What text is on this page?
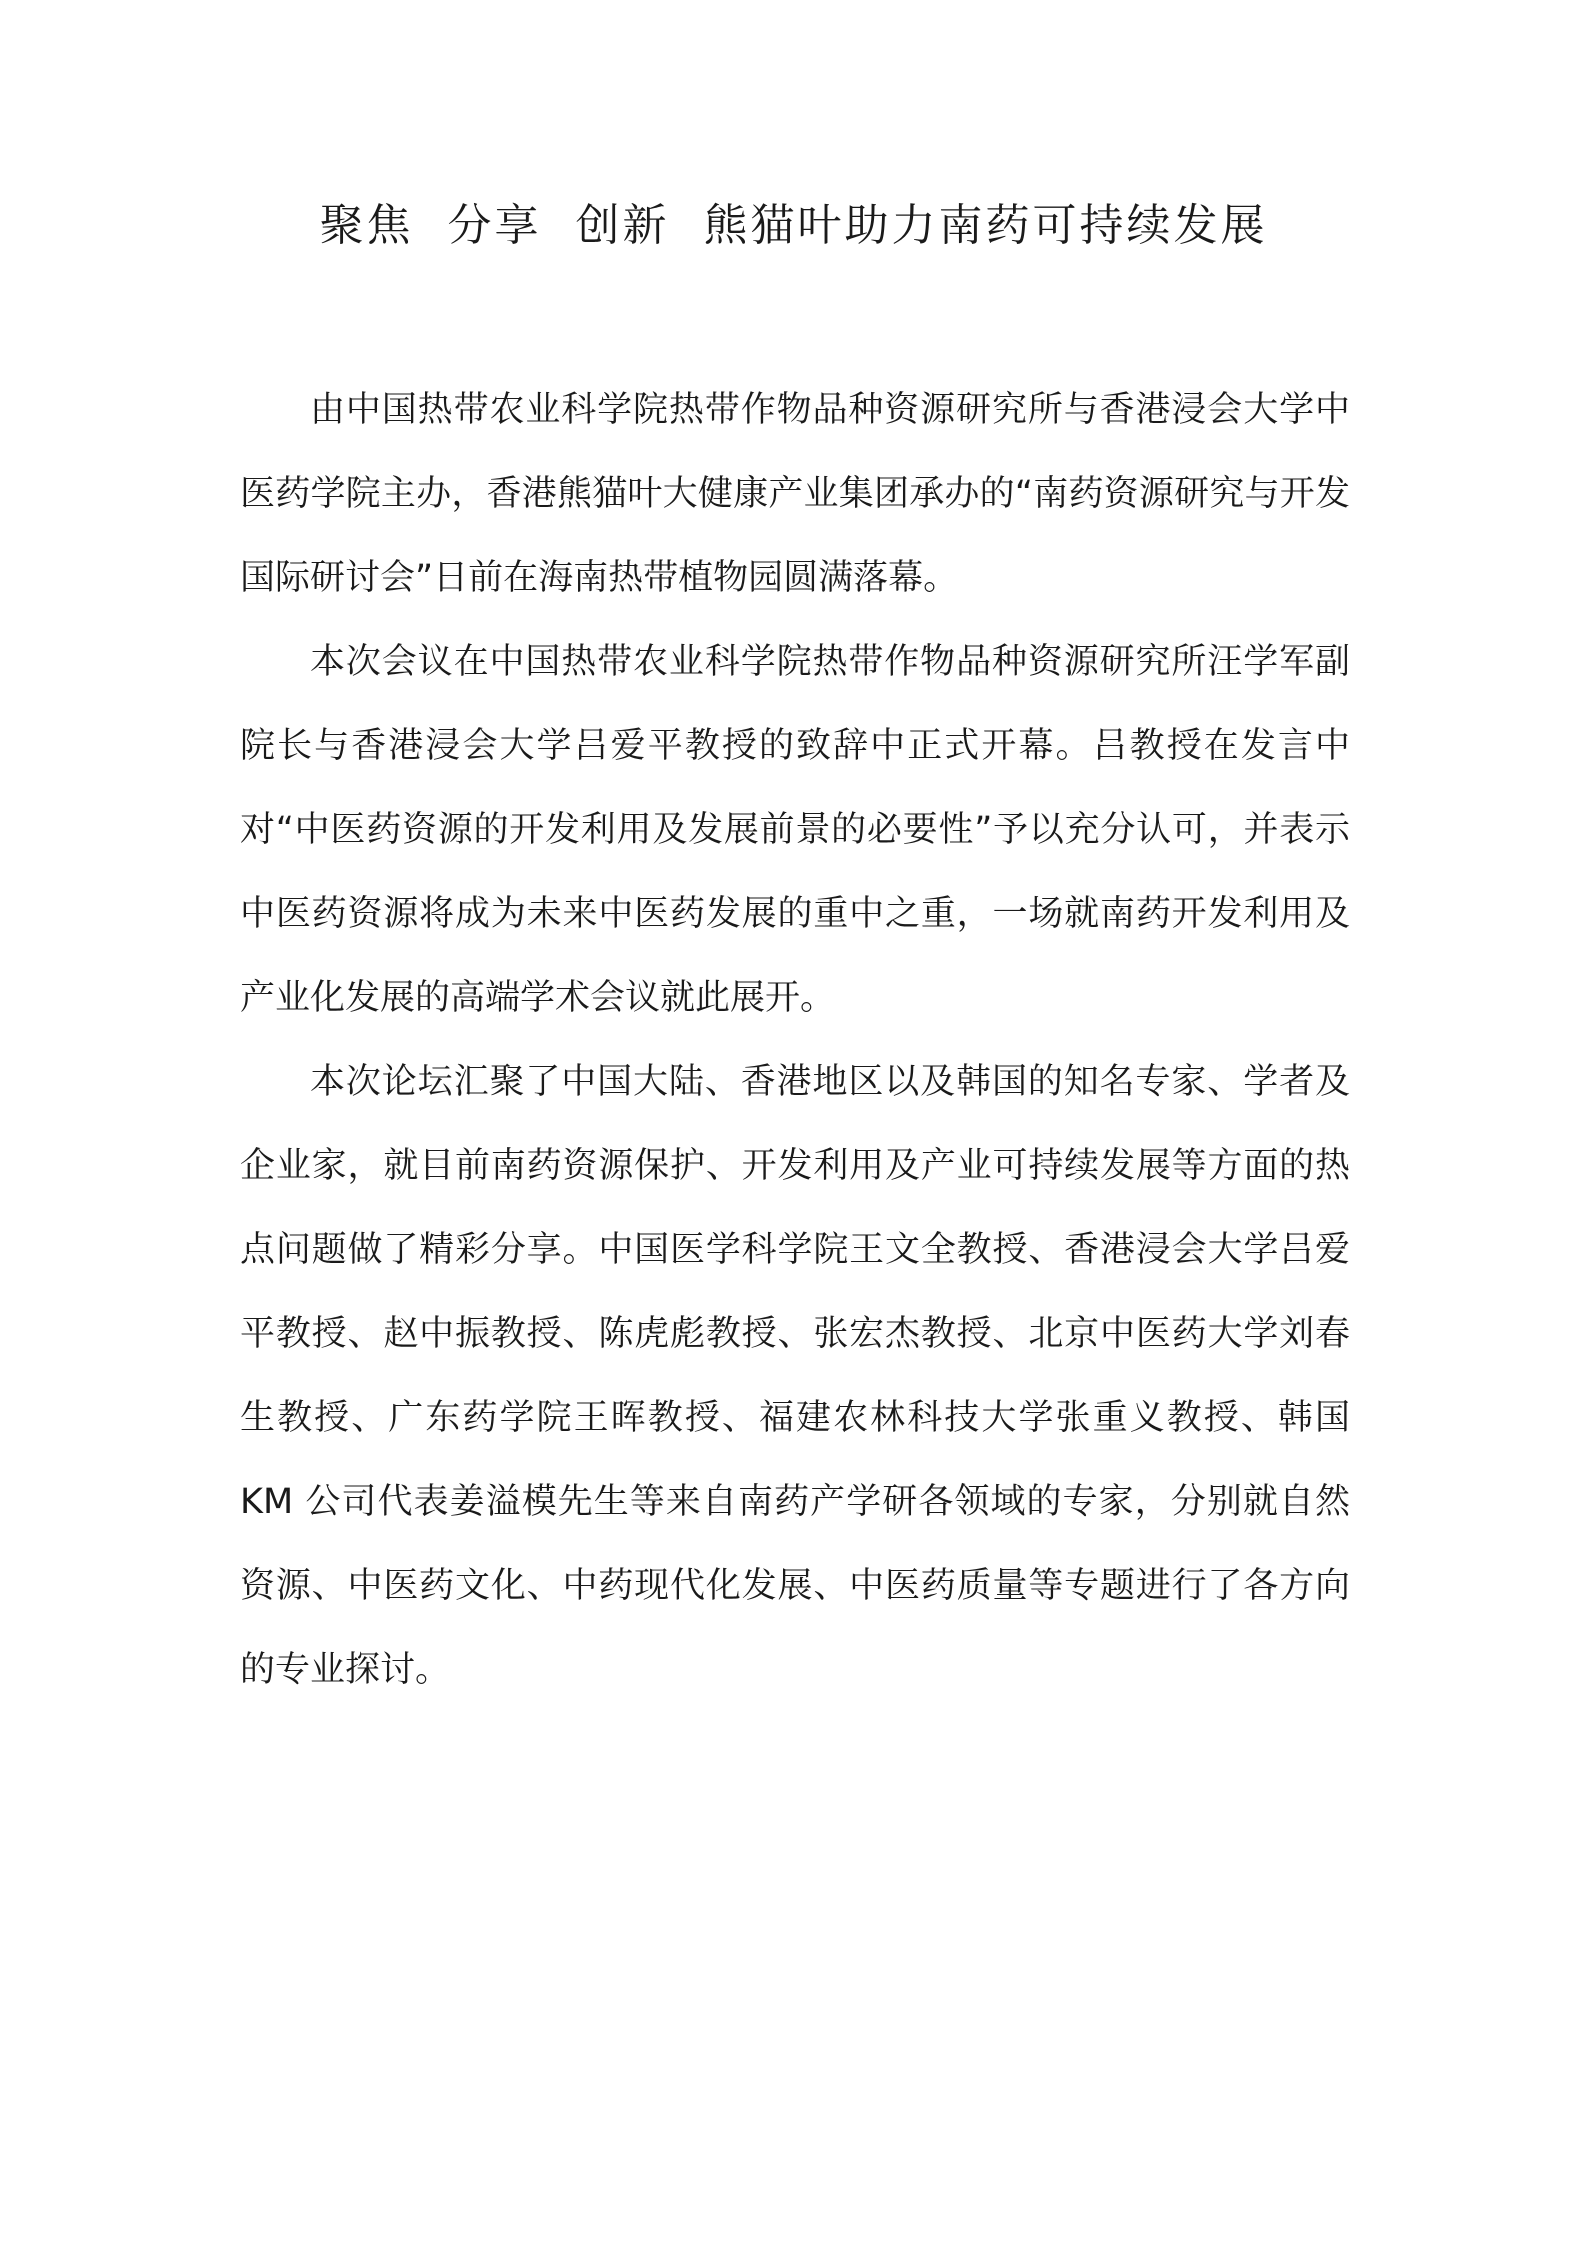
聚焦  分享  创新  熊猫叶助力南药可持续发展

由中国热带农业科学院热带作物品种资源研究所与香港浸会大学中医药学院主办，香港熊猫叶大健康产业集团承办的“南药资源研究与开发国际研讨会”日前在海南热带植物园圆满落幕。

本次会议在中国热带农业科学院热带作物品种资源研究所汪学军副院长与香港浸会大学吕爱平教授的致辞中正式开幕。吕教授在发言中对“中医药资源的开发利用及发展前景的必要性”予以充分认可，并表示中医药资源将成为未来中医药发展的重中之重，一场就南药开发利用及产业化发展的高端学术会议就此展开。

本次论坛汇聚了中国大陆、香港地区以及韩国的知名专家、学者及企业家，就目前南药资源保护、开发利用及产业可持续发展等方面的热点问题做了精彩分享。中国医学科学院王文全教授、香港浸会大学吕爱平教授、赵中振教授、陈虎彪教授、张宏杰教授、北京中医药大学刘春生教授、广东药学院王晖教授、福建农林科技大学张重义教授、韩国 KM 公司代表姜溢模先生等来自南药产学研各领域的专家，分别就自然资源、中医药文化、中药现代化发展、中医药质量等专题进行了各方向的专业探讨。
